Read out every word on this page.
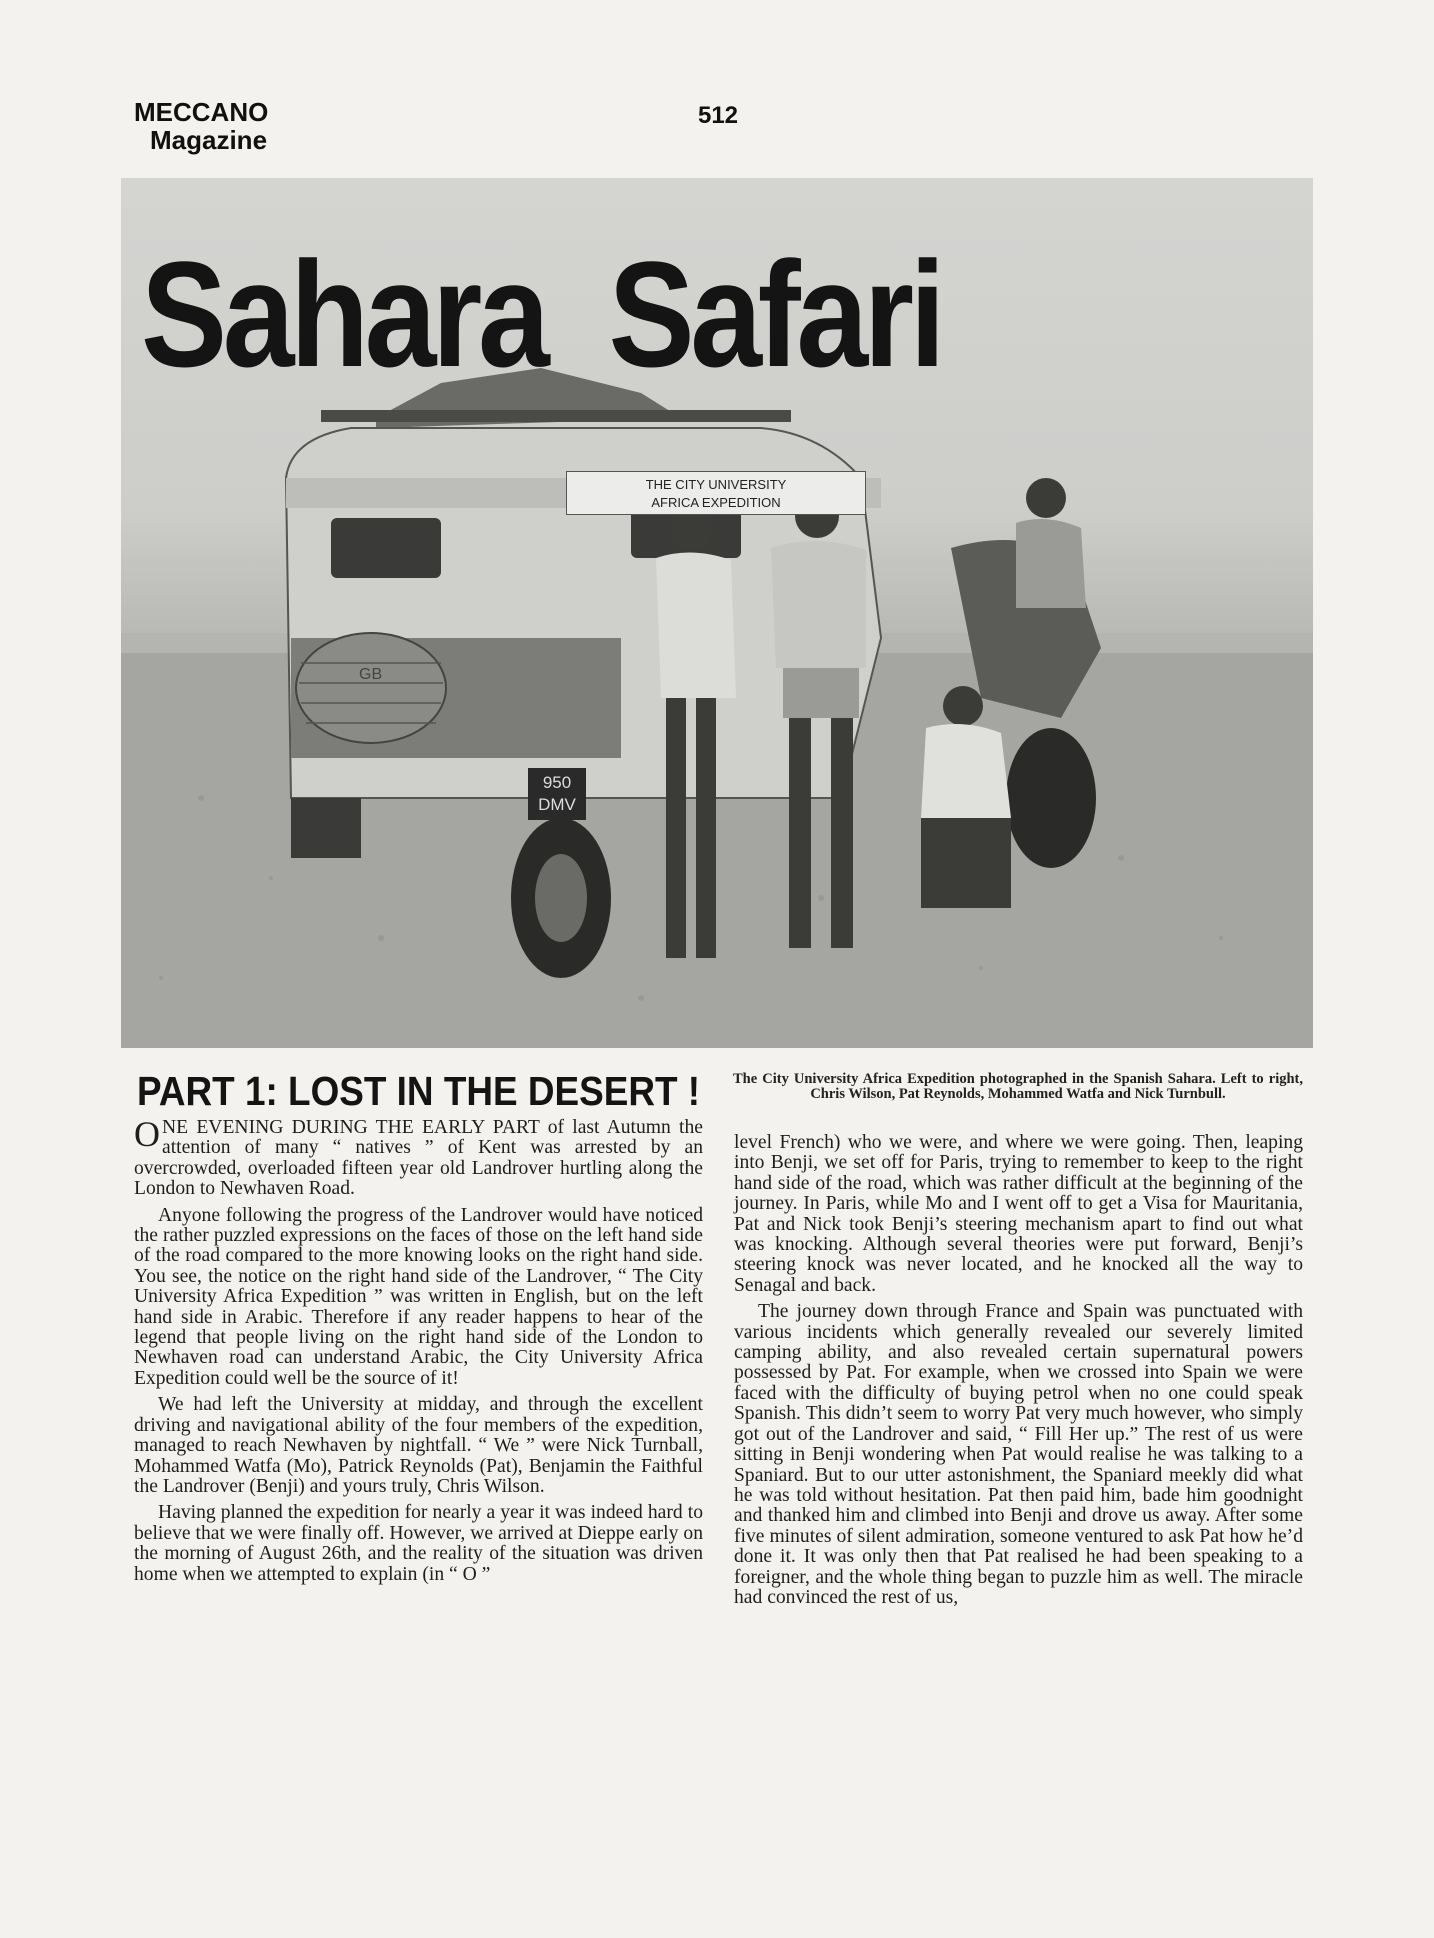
MECCANO
Magazine
512
Sahara  Safari
THE CITY UNIVERSITY
AFRICA EXPEDITION
950
DMV
GB
PART 1: LOST IN THE DESERT ! The City University Africa Expedition photographed in the Spanish Sahara. Left to right, Chris Wilson, Pat Reynolds, Mohammed Watfa and Nick Turnbull.

ONE EVENING DURING THE EARLY PART of last Autumn the attention of many “ natives ” of Kent was arrested by an overcrowded, overloaded fifteen year old Landrover hurtling along the London to Newhaven Road.

Anyone following the progress of the Landrover would have noticed the rather puzzled expressions on the faces of those on the left hand side of the road compared to the more knowing looks on the right hand side. You see, the notice on the right hand side of the Landrover, “ The City University Africa Expedition ” was written in English, but on the left hand side in Arabic. Therefore if any reader happens to hear of the legend that people living on the right hand side of the London to Newhaven road can understand Arabic, the City University Africa Expedition could well be the source of it!

We had left the University at midday, and through the excellent driving and navigational ability of the four members of the expedition, managed to reach Newhaven by nightfall. “ We ” were Nick Turnball, Mohammed Watfa (Mo), Patrick Reynolds (Pat), Benjamin the Faithful the Landrover (Benji) and yours truly, Chris Wilson.

Having planned the expedition for nearly a year it was indeed hard to believe that we were finally off. However, we arrived at Dieppe early on the morning of August 26th, and the reality of the situation was driven home when we attempted to explain (in “ O ”

level French) who we were, and where we were going. Then, leaping into Benji, we set off for Paris, trying to remember to keep to the right hand side of the road, which was rather difficult at the beginning of the journey. In Paris, while Mo and I went off to get a Visa for Mauritania, Pat and Nick took Benji’s steering mechanism apart to find out what was knocking. Although several theories were put forward, Benji’s steering knock was never located, and he knocked all the way to Senagal and back.

The journey down through France and Spain was punctuated with various incidents which generally revealed our severely limited camping ability, and also revealed certain supernatural powers possessed by Pat. For example, when we crossed into Spain we were faced with the difficulty of buying petrol when no one could speak Spanish. This didn’t seem to worry Pat very much however, who simply got out of the Landrover and said, “ Fill Her up.” The rest of us were sitting in Benji wondering when Pat would realise he was talking to a Spaniard. But to our utter astonishment, the Spaniard meekly did what he was told without hesitation. Pat then paid him, bade him goodnight and thanked him and climbed into Benji and drove us away. After some five minutes of silent admiration, someone ventured to ask Pat how he’d done it. It was only then that Pat realised he had been speaking to a foreigner, and the whole thing began to puzzle him as well. The miracle had convinced the rest of us,
